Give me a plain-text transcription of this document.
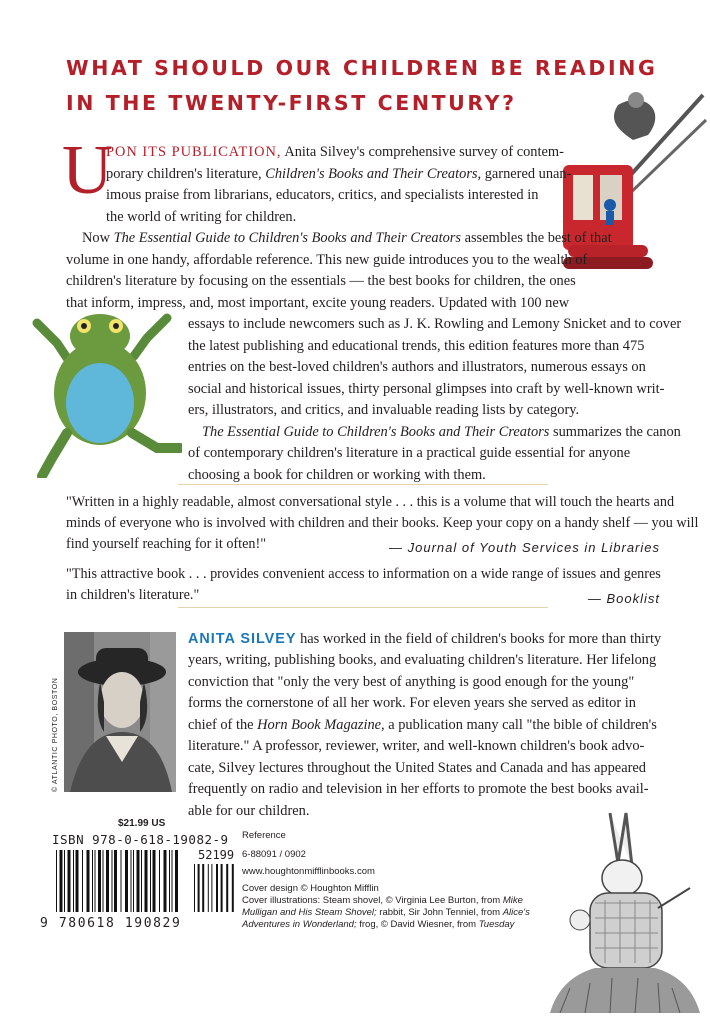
WHAT SHOULD OUR CHILDREN BE READING
IN THE TWENTY-FIRST CENTURY?
U
PON ITS PUBLICATION, Anita Silvey's comprehensive survey of contem-
porary children's literature, Children's Books and Their Creators, garnered unan-
imous praise from librarians, educators, critics, and specialists interested in
the world of writing for children.
Now The Essential Guide to Children's Books and Their Creators assembles the best of that
volume in one handy, affordable reference. This new guide introduces you to the wealth of
children's literature by focusing on the essentials — the best books for children, the ones
that inform, impress, and, most important, excite young readers. Updated with 100 new
essays to include newcomers such as J. K. Rowling and Lemony Snicket and to cover
the latest publishing and educational trends, this edition features more than 475
entries on the best-loved children's authors and illustrators, numerous essays on
social and historical issues, thirty personal glimpses into craft by well-known writ-
ers, illustrators, and critics, and invaluable reading lists by category.
The Essential Guide to Children's Books and Their Creators summarizes the canon
of contemporary children's literature in a practical guide essential for anyone
choosing a book for children or working with them.
"Written in a highly readable, almost conversational style . . . this is a volume that will touch the hearts and
minds of everyone who is involved with children and their books. Keep your copy on a handy shelf — you will
find yourself reaching for it often!"	— Journal of Youth Services in Libraries
"This attractive book . . . provides convenient access to information on a wide range of issues and genres
in children's literature."	— Booklist
© ATLANTIC PHOTO, BOSTON
ANITA SILVEY has worked in the field of children's books for more than thirty
years, writing, publishing books, and evaluating children's literature. Her lifelong
conviction that "only the very best of anything is good enough for the young"
forms the cornerstone of all her work. For eleven years she served as editor in
chief of the Horn Book Magazine, a publication many call "the bible of children's
literature." A professor, reviewer, writer, and well-known children's book advo-
cate, Silvey lectures throughout the United States and Canada and has appeared
frequently on radio and television in her efforts to promote the best books avail-
able for our children.
$21.99 US
ISBN 978-0-618-19082-9
52199
9 780618 190829
Reference
6-88091 / 0902
www.houghtonmifflinbooks.com
Cover design © Houghton Mifflin
Cover illustrations: Steam shovel, © Virginia Lee Burton, from Mike
Mulligan and His Steam Shovel; rabbit, Sir John Tenniel, from Alice's
Adventures in Wonderland; frog, © David Wiesner, from Tuesday
